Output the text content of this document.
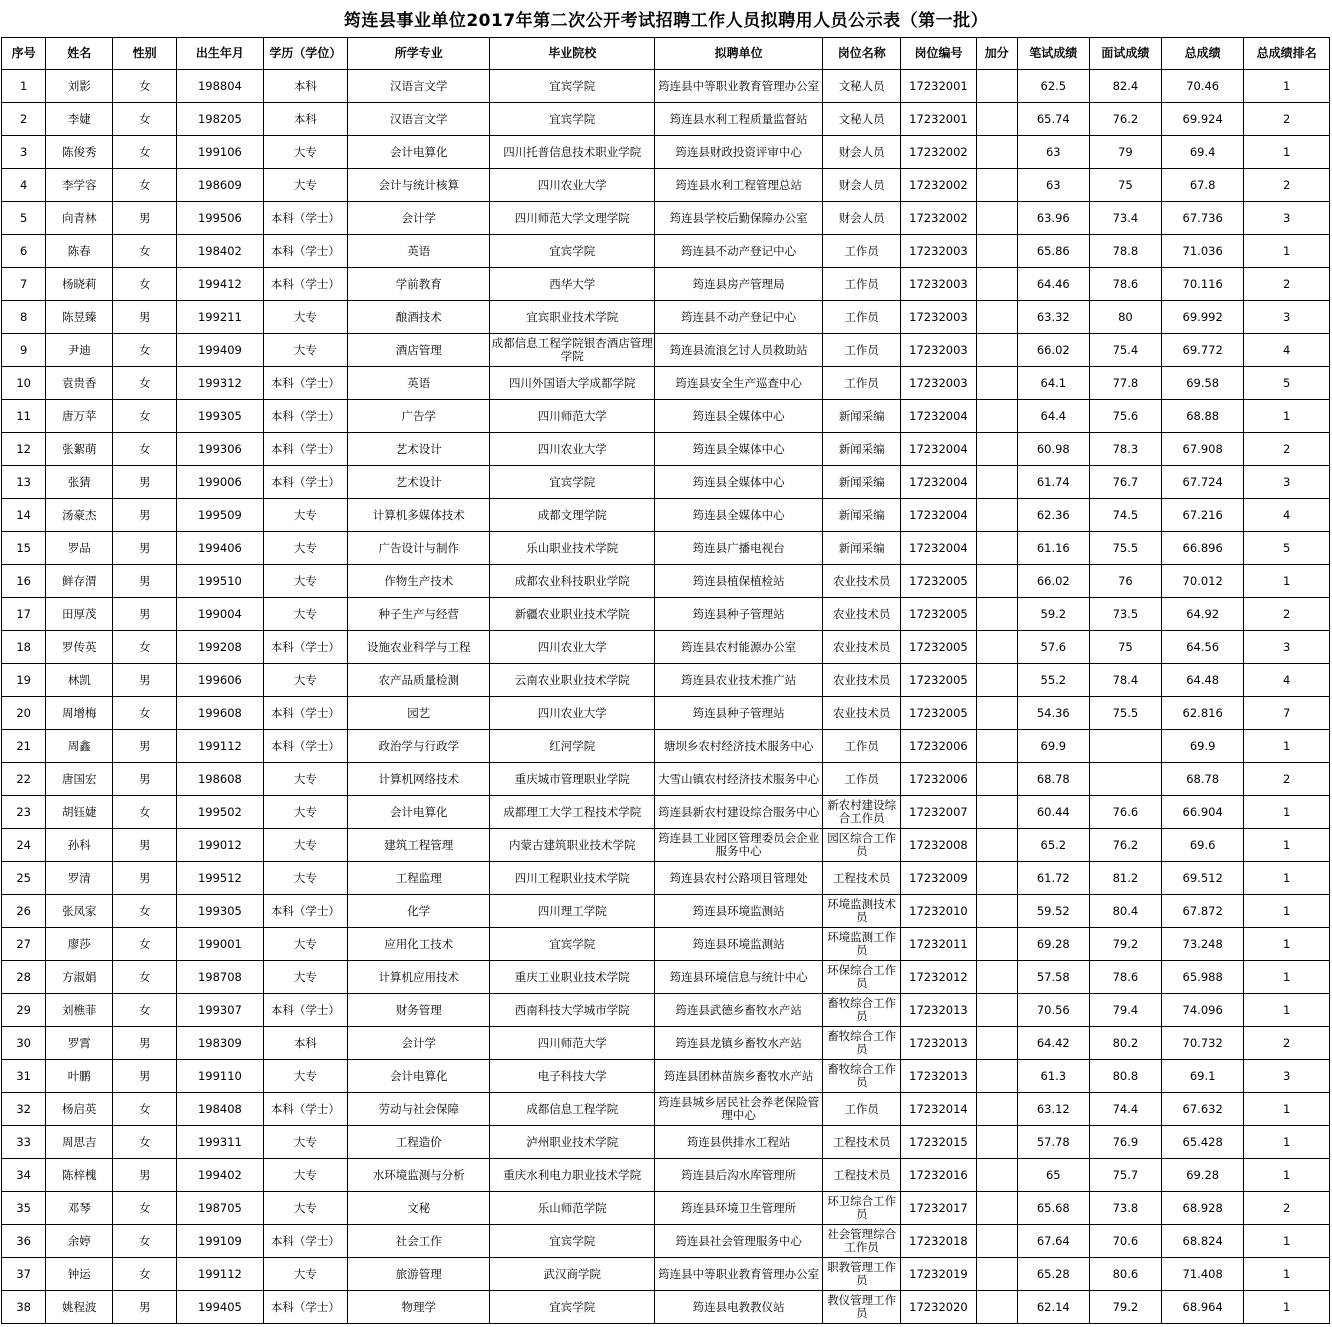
筠连县事业单位2017年第二次公开考试招聘工作人员拟聘用人员公示表（第一批）
序号	姓名	性别	出生年月	学历（学位）	所学专业	毕业院校	拟聘单位	岗位名称	岗位编号	加分	笔试成绩	面试成绩	总成绩	总成绩排名
1	刘影	女	198804	本科	汉语言文学	宜宾学院	筠连县中等职业教育管理办公室	文秘人员	17232001		62.5	82.4	70.46	1
2	李婕	女	198205	本科	汉语言文学	宜宾学院	筠连县水利工程质量监督站	文秘人员	17232001		65.74	76.2	69.924	2
3	陈俊秀	女	199106	大专	会计电算化	四川托普信息技术职业学院	筠连县财政投资评审中心	财会人员	17232002		63	79	69.4	1
4	李学容	女	198609	大专	会计与统计核算	四川农业大学	筠连县水利工程管理总站	财会人员	17232002		63	75	67.8	2
5	向青林	男	199506	本科（学士）	会计学	四川师范大学文理学院	筠连县学校后勤保障办公室	财会人员	17232002		63.96	73.4	67.736	3
6	陈春	女	198402	本科（学士）	英语	宜宾学院	筠连县不动产登记中心	工作员	17232003		65.86	78.8	71.036	1
7	杨晓莉	女	199412	本科（学士）	学前教育	西华大学	筠连县房产管理局	工作员	17232003		64.46	78.6	70.116	2
8	陈昱臻	男	199211	大专	酿酒技术	宜宾职业技术学院	筠连县不动产登记中心	工作员	17232003		63.32	80	69.992	3
9	尹迪	女	199409	大专	酒店管理	成都信息工程学院银杏酒店管理学院	筠连县流浪乞讨人员救助站	工作员	17232003		66.02	75.4	69.772	4
10	袁贵香	女	199312	本科（学士）	英语	四川外国语大学成都学院	筠连县安全生产巡查中心	工作员	17232003		64.1	77.8	69.58	5
11	唐万苹	女	199305	本科（学士）	广告学	四川师范大学	筠连县全媒体中心	新闻采编	17232004		64.4	75.6	68.88	1
12	张絮萌	女	199306	本科（学士）	艺术设计	四川农业大学	筠连县全媒体中心	新闻采编	17232004		60.98	78.3	67.908	2
13	张猜	男	199006	本科（学士）	艺术设计	宜宾学院	筠连县全媒体中心	新闻采编	17232004		61.74	76.7	67.724	3
14	汤豪杰	男	199509	大专	计算机多媒体技术	成都文理学院	筠连县全媒体中心	新闻采编	17232004		62.36	74.5	67.216	4
15	罗品	男	199406	大专	广告设计与制作	乐山职业技术学院	筠连县广播电视台	新闻采编	17232004		61.16	75.5	66.896	5
16	鲜存渭	男	199510	大专	作物生产技术	成都农业科技职业学院	筠连县植保植检站	农业技术员	17232005		66.02	76	70.012	1
17	田厚茂	男	199004	大专	种子生产与经营	新疆农业职业技术学院	筠连县种子管理站	农业技术员	17232005		59.2	73.5	64.92	2
18	罗传英	女	199208	本科（学士）	设施农业科学与工程	四川农业大学	筠连县农村能源办公室	农业技术员	17232005		57.6	75	64.56	3
19	林凯	男	199606	大专	农产品质量检测	云南农业职业技术学院	筠连县农业技术推广站	农业技术员	17232005		55.2	78.4	64.48	4
20	周增梅	女	199608	本科（学士）	园艺	四川农业大学	筠连县种子管理站	农业技术员	17232005		54.36	75.5	62.816	7
21	周鑫	男	199112	本科（学士）	政治学与行政学	红河学院	塘坝乡农村经济技术服务中心	工作员	17232006		69.9		69.9	1
22	唐国宏	男	198608	大专	计算机网络技术	重庆城市管理职业学院	大雪山镇农村经济技术服务中心	工作员	17232006		68.78		68.78	2
23	胡钰婕	女	199502	大专	会计电算化	成都理工大学工程技术学院	筠连县新农村建设综合服务中心	新农村建设综合工作员	17232007		60.44	76.6	66.904	1
24	孙科	男	199012	大专	建筑工程管理	内蒙古建筑职业技术学院	筠连县工业园区管理委员会企业服务中心	园区综合工作员	17232008		65.2	76.2	69.6	1
25	罗清	男	199512	大专	工程监理	四川工程职业技术学院	筠连县农村公路项目管理处	工程技术员	17232009		61.72	81.2	69.512	1
26	张凤家	女	199305	本科（学士）	化学	四川理工学院	筠连县环境监测站	环境监测技术员	17232010		59.52	80.4	67.872	1
27	廖莎	女	199001	大专	应用化工技术	宜宾学院	筠连县环境监测站	环境监测工作员	17232011		69.28	79.2	73.248	1
28	方淑娟	女	198708	大专	计算机应用技术	重庆工业职业技术学院	筠连县环境信息与统计中心	环保综合工作员	17232012		57.58	78.6	65.988	1
29	刘樵菲	女	199307	本科（学士）	财务管理	西南科技大学城市学院	筠连县武德乡畜牧水产站	畜牧综合工作员	17232013		70.56	79.4	74.096	1
30	罗霄	男	198309	本科	会计学	四川师范大学	筠连县龙镇乡畜牧水产站	畜牧综合工作员	17232013		64.42	80.2	70.732	2
31	叶鹏	男	199110	大专	会计电算化	电子科技大学	筠连县团林苗族乡畜牧水产站	畜牧综合工作员	17232013		61.3	80.8	69.1	3
32	杨启英	女	198408	本科（学士）	劳动与社会保障	成都信息工程学院	筠连县城乡居民社会养老保险管理中心	工作员	17232014		63.12	74.4	67.632	1
33	周思吉	女	199311	大专	工程造价	泸州职业技术学院	筠连县供排水工程站	工程技术员	17232015		57.78	76.9	65.428	1
34	陈梓槐	男	199402	大专	水环境监测与分析	重庆水利电力职业技术学院	筠连县后沟水库管理所	工程技术员	17232016		65	75.7	69.28	1
35	邓琴	女	198705	大专	文秘	乐山师范学院	筠连县环境卫生管理所	环卫综合工作员	17232017		65.68	73.8	68.928	2
36	余婷	女	199109	本科（学士）	社会工作	宜宾学院	筠连县社会管理服务中心	社会管理综合工作员	17232018		67.64	70.6	68.824	1
37	钟运	女	199112	大专	旅游管理	武汉商学院	筠连县中等职业教育管理办公室	职教管理工作员	17232019		65.28	80.6	71.408	1
38	姚程波	男	199405	本科（学士）	物理学	宜宾学院	筠连县电教教仪站	教仪管理工作员	17232020		62.14	79.2	68.964	1
